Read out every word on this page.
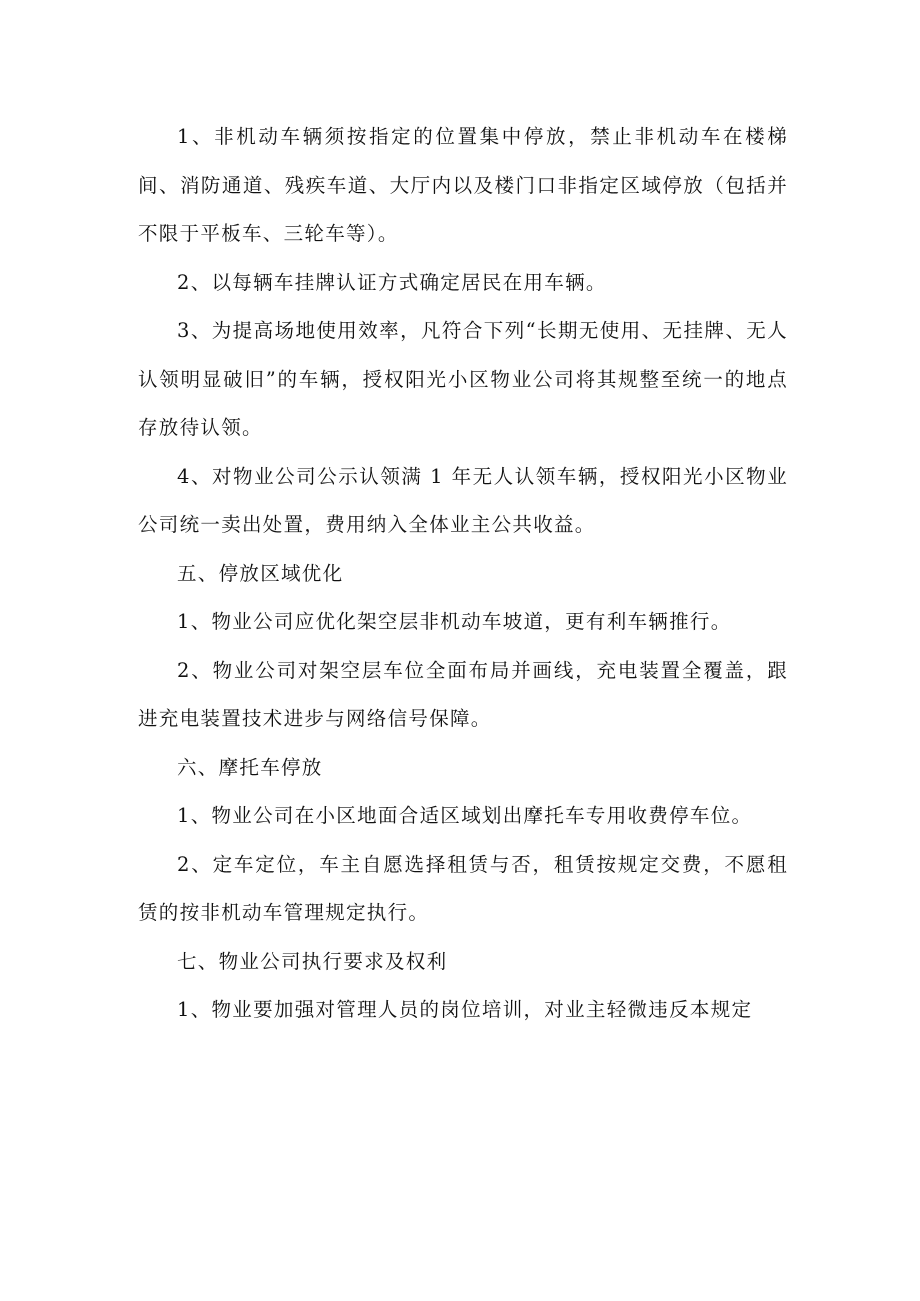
1、非机动车辆须按指定的位置集中停放，禁止非机动车在楼梯间、消防通道、残疾车道、大厅内以及楼门口非指定区域停放（包括并不限于平板车、三轮车等）。

2、以每辆车挂牌认证方式确定居民在用车辆。

3、为提高场地使用效率，凡符合下列“长期无使用、无挂牌、无人认领明显破旧”的车辆，授权阳光小区物业公司将其规整至统一的地点存放待认领。

4、对物业公司公示认领满 1 年无人认领车辆，授权阳光小区物业公司统一卖出处置，费用纳入全体业主公共收益。

五、停放区域优化

1、物业公司应优化架空层非机动车坡道，更有利车辆推行。

2、物业公司对架空层车位全面布局并画线，充电装置全覆盖，跟进充电装置技术进步与网络信号保障。

六、摩托车停放

1、物业公司在小区地面合适区域划出摩托车专用收费停车位。

2、定车定位，车主自愿选择租赁与否，租赁按规定交费，不愿租赁的按非机动车管理规定执行。

七、物业公司执行要求及权利

1、物业要加强对管理人员的岗位培训，对业主轻微违反本规定
